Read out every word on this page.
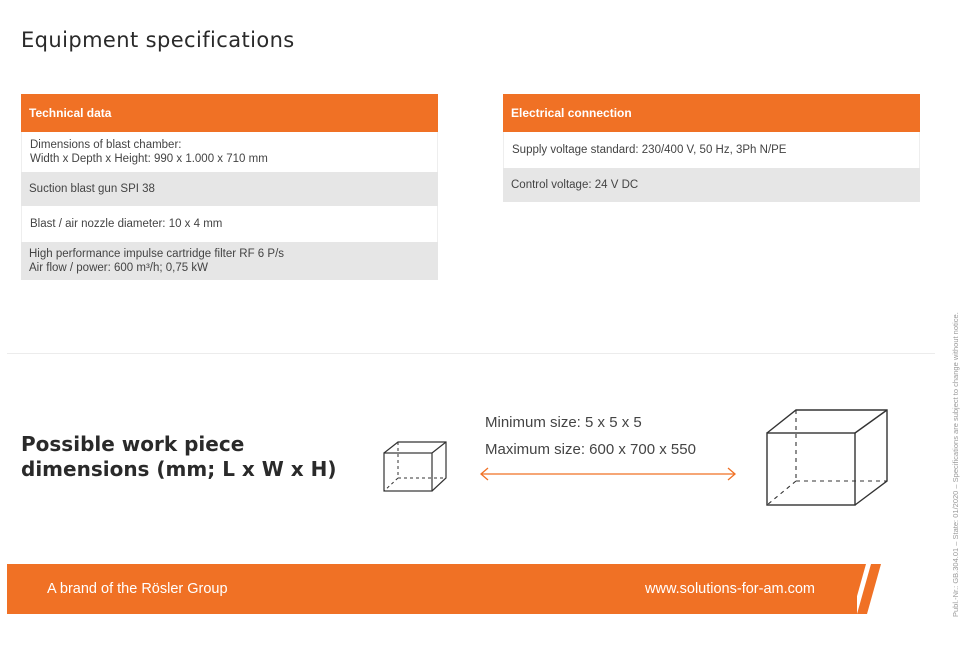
Equipment specifications
Technical data
Dimensions of blast chamber:
Width x Depth x Height: 990 x 1.000 x 710 mm
Suction blast gun SPI 38
Blast / air nozzle diameter: 10 x 4 mm
High performance impulse cartridge filter RF 6 P/s
Air flow / power: 600 m³/h; 0,75 kW
Electrical connection
Supply voltage standard: 230/400 V, 50 Hz, 3Ph N/PE
Control voltage: 24 V DC
Possible work piece dimensions (mm; L x W x H)
Minimum size: 5 x 5 x 5
Maximum size: 600 x 700 x 550
A brand of the Rösler Group	www.solutions-for-am.com	Publ.-Nr.: GB.304.01 – State: 01/2020 – Specifications are subject to change without notice.
